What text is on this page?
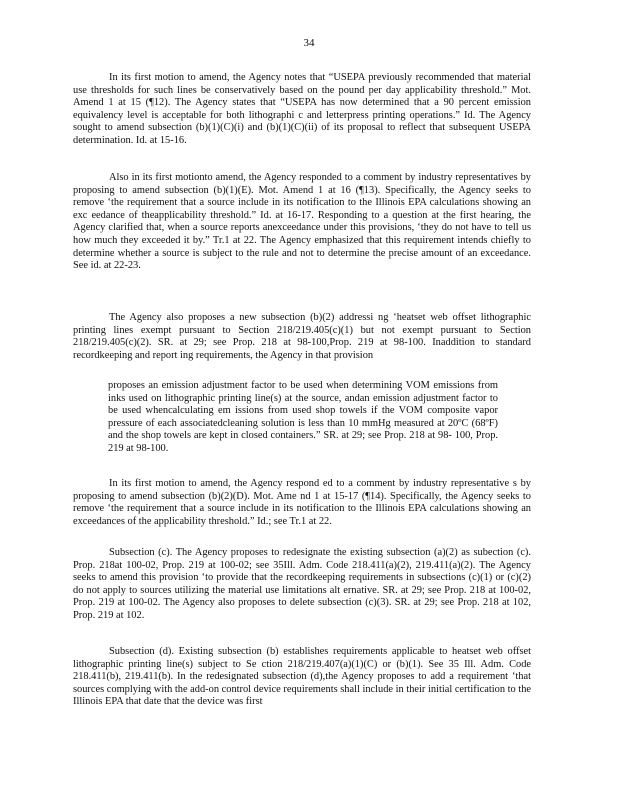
34

In its first motion to amend, the Agency notes that “USEPA previously recommended that material use thresholds for such lines be conservatively based on the pound per day applicability threshold.” Mot. Amend 1 at 15 (¶12). The Agency states that “USEPA has now determined that a 90 percent emission equivalency level is acceptable for both lithographi c and letterpress printing operations.” Id. The Agency sought to amend subsection (b)(1)(C)(i) and (b)(1)(C)(ii) of its proposal to reflect that subsequent USEPA determination. Id. at 15-16.

Also in its first motionto amend, the Agency responded to a comment by industry representatives by proposing to amend subsection (b)(1)(E). Mot. Amend 1 at 16 (¶13). Specifically, the Agency seeks to remove ‘the requirement that a source include in its notification to the Illinois EPA calculations showing an exc eedance of theapplicability threshold.” Id. at 16-17. Responding to a question at the first hearing, the Agency clarified that, when a source reports anexceedance under this provisions, ‘they do not have to tell us how much they exceeded it by.” Tr.1 at 22. The Agency emphasized that this requirement intends chiefly to determine whether a source is subject to the rule and not to determine the precise amount of an exceedance. See id. at 22-23.

The Agency also proposes a new subsection (b)(2) addressi ng ‘heatset web offset lithographic printing lines exempt pursuant to Section 218/219.405(c)(1) but not exempt pursuant to Section 218/219.405(c)(2). SR. at 29; see Prop. 218 at 98-100,Prop. 219 at 98-100. Inaddition to standard recordkeeping and report ing requirements, the Agency in that provision

proposes an emission adjustment factor to be used when determining VOM emissions from inks used on lithographic printing line(s) at the source, andan emission adjustment factor to be used whencalculating em issions from used shop towels if the VOM composite vapor pressure of each associatedcleaning solution is less than 10 mmHg measured at 20ºC (68ºF) and the shop towels are kept in closed containers.” SR. at 29; see Prop. 218 at 98- 100, Prop. 219 at 98-100.

In its first motion to amend, the Agency respond ed to a comment by industry representative s by proposing to amend subsection (b)(2)(D). Mot. Ame nd 1 at 15-17 (¶14). Specifically, the Agency seeks to remove ‘the requirement that a source include in its notification to the Illinois EPA calculations showing an exceedances of the applicability threshold.” Id.; see Tr.1 at 22.

Subsection (c). The Agency proposes to redesignate the existing subsection (a)(2) as subection (c). Prop. 218at 100-02, Prop. 219 at 100-02; see 35Ill. Adm. Code 218.411(a)(2), 219.411(a)(2). The Agency seeks to amend this provision ‘to provide that the recordkeeping requirements in subsections (c)(1) or (c)(2) do not apply to sources utilizing the material use limitations alt ernative. SR. at 29; see Prop. 218 at 100-02, Prop. 219 at 100-02. The Agency also proposes to delete subsection (c)(3). SR. at 29; see Prop. 218 at 102, Prop. 219 at 102.

Subsection (d). Existing subsection (b) establishes requirements applicable to heatset web offset lithographic printing line(s) subject to Se ction 218/219.407(a)(1)(C) or (b)(1). See 35 Ill. Adm. Code 218.411(b), 219.411(b). In the redesignated subsection (d),the Agency proposes to add a requirement ‘that sources complying with the add-on control device requirements shall include in their initial certification to the Illinois EPA that date that the device was first
